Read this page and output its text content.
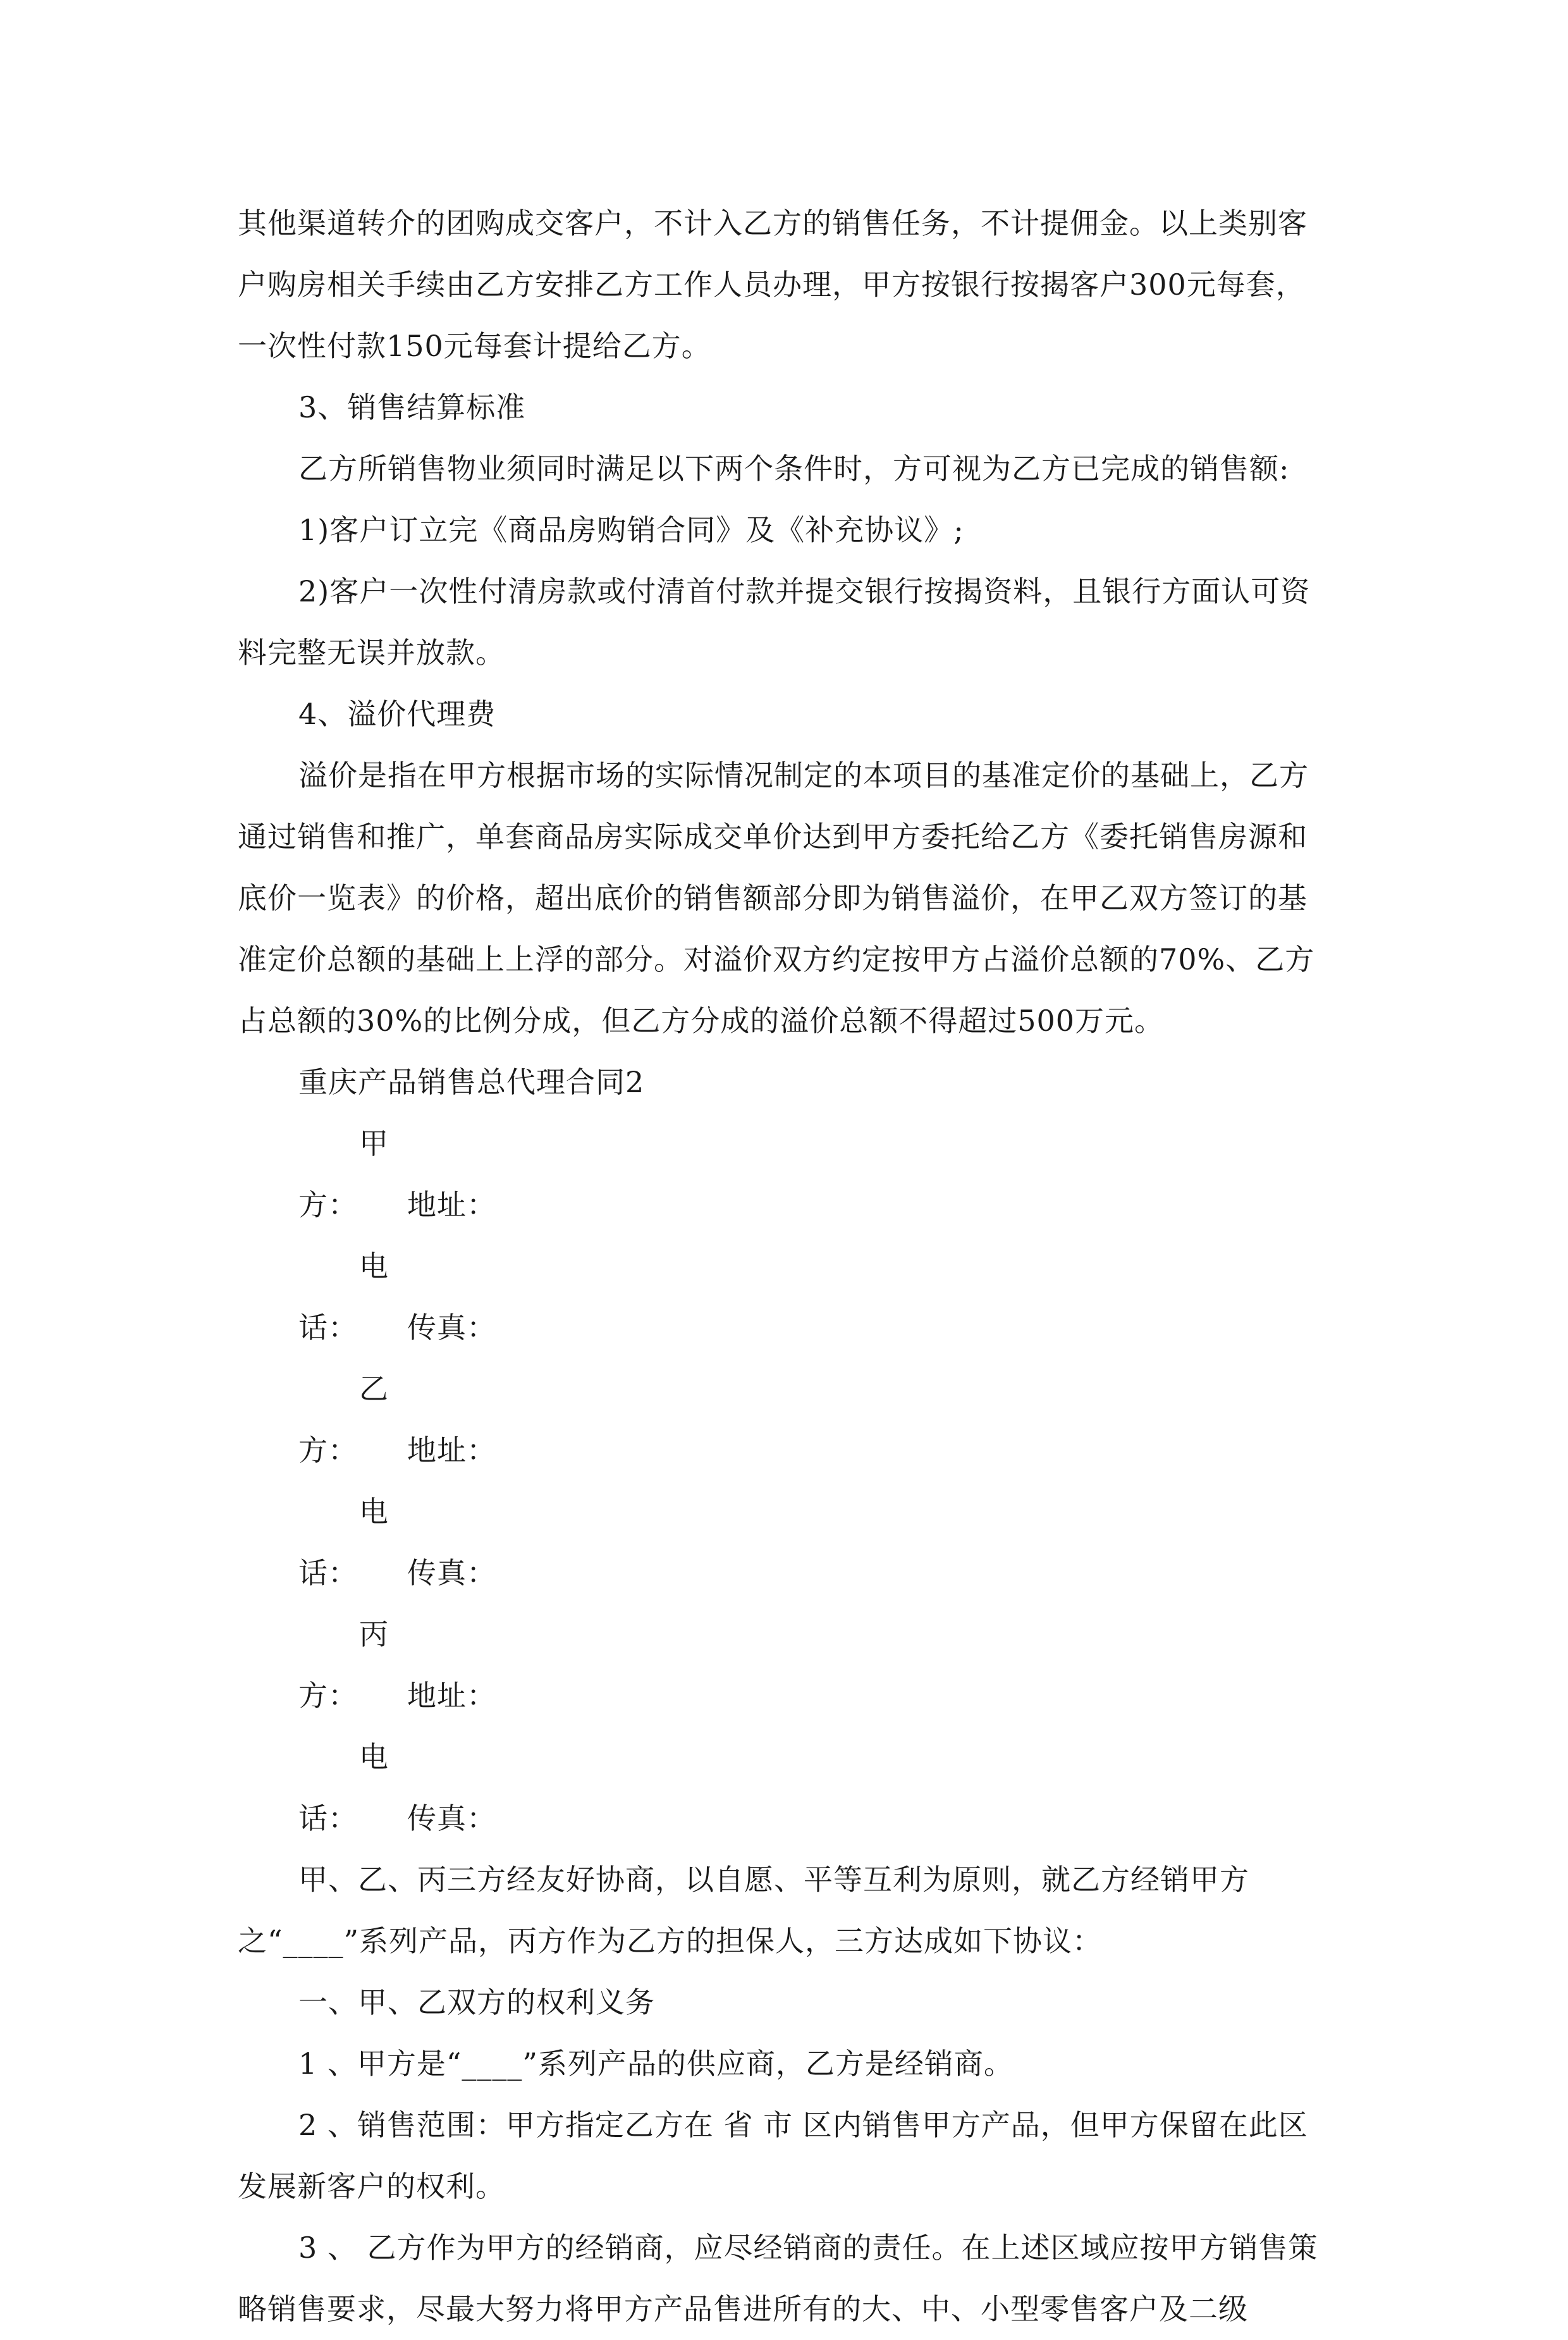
其他渠道转介的团购成交客户，不计入乙方的销售任务，不计提佣金。以上类别客户购房相关手续由乙方安排乙方工作人员办理，甲方按银行按揭客户300元每套，一次性付款150元每套计提给乙方。

3、销售结算标准

乙方所销售物业须同时满足以下两个条件时，方可视为乙方已完成的销售额:

1)客户订立完《商品房购销合同》及《补充协议》;

2)客户一次性付清房款或付清首付款并提交银行按揭资料，且银行方面认可资料完整无误并放款。

4、溢价代理费

溢价是指在甲方根据市场的实际情况制定的本项目的基准定价的基础上，乙方通过销售和推广，单套商品房实际成交单价达到甲方委托给乙方《委托销售房源和底价一览表》的价格，超出底价的销售额部分即为销售溢价，在甲乙双方签订的基准定价总额的基础上上浮的部分。对溢价双方约定按甲方占溢价总额的70%、乙方占总额的30%的比例分成，但乙方分成的溢价总额不得超过500万元。

重庆产品销售总代理合同2

甲方： 地址：

电话： 传真：

乙方： 地址：

电话： 传真：

丙方： 地址：

电话： 传真：

甲、乙、丙三方经友好协商，以自愿、平等互利为原则，就乙方经销甲方之“____”系列产品，丙方作为乙方的担保人，三方达成如下协议：

一、甲、乙双方的权利义务

1 、甲方是“____”系列产品的供应商，乙方是经销商。

2 、销售范围：甲方指定乙方在 省 市 区内销售甲方产品，但甲方保留在此区发展新客户的权利。

3 、 乙方作为甲方的经销商，应尽经销商的责任。在上述区域应按甲方销售策略销售要求，尽最大努力将甲方产品售进所有的大、中、小型零售客户及二级
